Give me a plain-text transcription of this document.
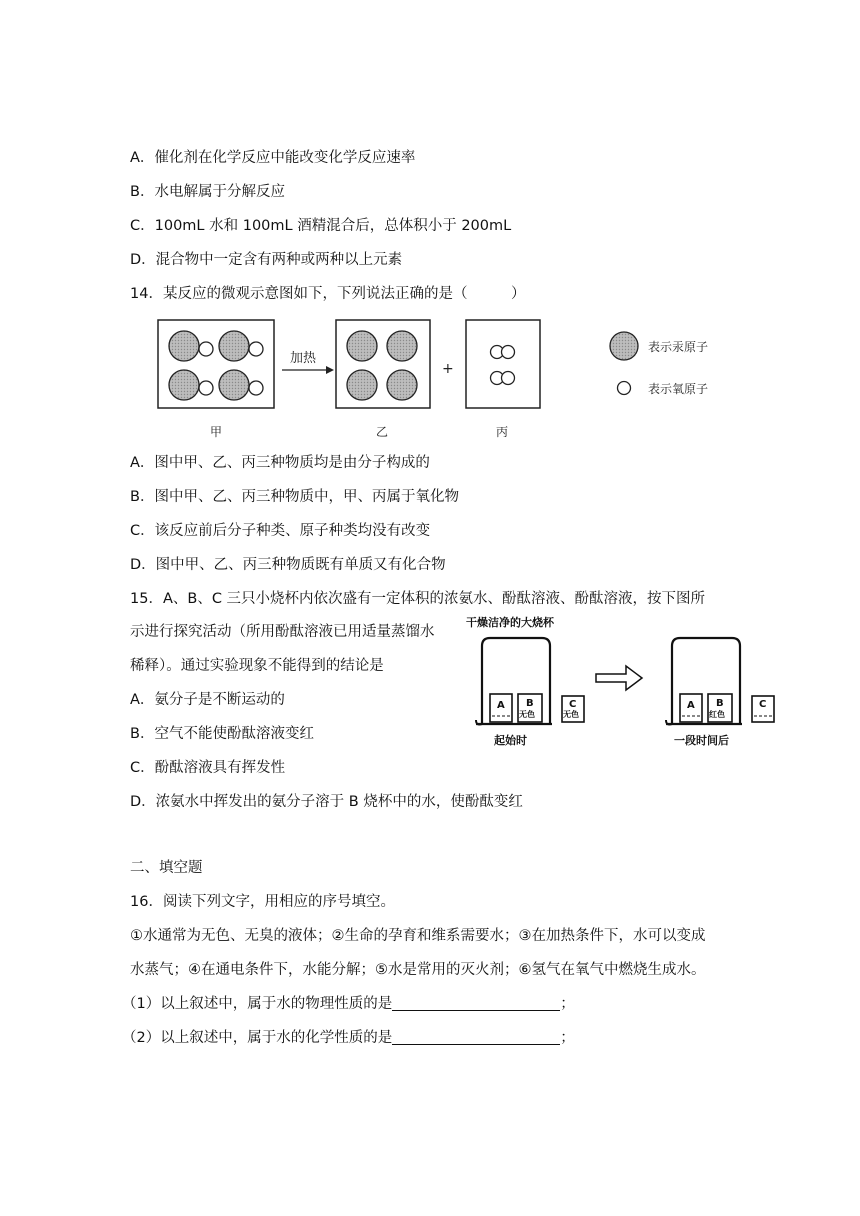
A．催化剂在化学反应中能改变化学反应速率
B．水电解属于分解反应
C．100mL 水和 100mL 酒精混合后，总体积小于 200mL
D．混合物中一定含有两种或两种以上元素
14．某反应的微观示意图如下，下列说法正确的是（　　　）
加热
+
表示汞原子
表示氧原子
甲	乙	丙
A．图中甲、乙、丙三种物质均是由分子构成的
B．图中甲、乙、丙三种物质中，甲、丙属于氧化物
C．该反应前后分子种类、原子种类均没有改变
D．图中甲、乙、丙三种物质既有单质又有化合物
15．A、B、C 三只小烧杯内依次盛有一定体积的浓氨水、酚酞溶液、酚酞溶液，按下图所
示进行探究活动（所用酚酞溶液已用适量蒸馏水
稀释）。通过实验现象不能得到的结论是
干燥洁净的大烧杯
A B
无色
C
无色
起始时
A B
红色
C
一段时间后
A．氨分子是不断运动的
B．空气不能使酚酞溶液变红
C．酚酞溶液具有挥发性
D．浓氨水中挥发出的氨分子溶于 B 烧杯中的水，使酚酞变红
二、填空题
16．阅读下列文字，用相应的序号填空。
①水通常为无色、无臭的液体；②生命的孕育和维系需要水；③在加热条件下，水可以变成
水蒸气；④在通电条件下，水能分解；⑤水是常用的灭火剂；⑥氢气在氧气中燃烧生成水。
（1）以上叙述中，属于水的物理性质的是	；
（2）以上叙述中，属于水的化学性质的是	；
